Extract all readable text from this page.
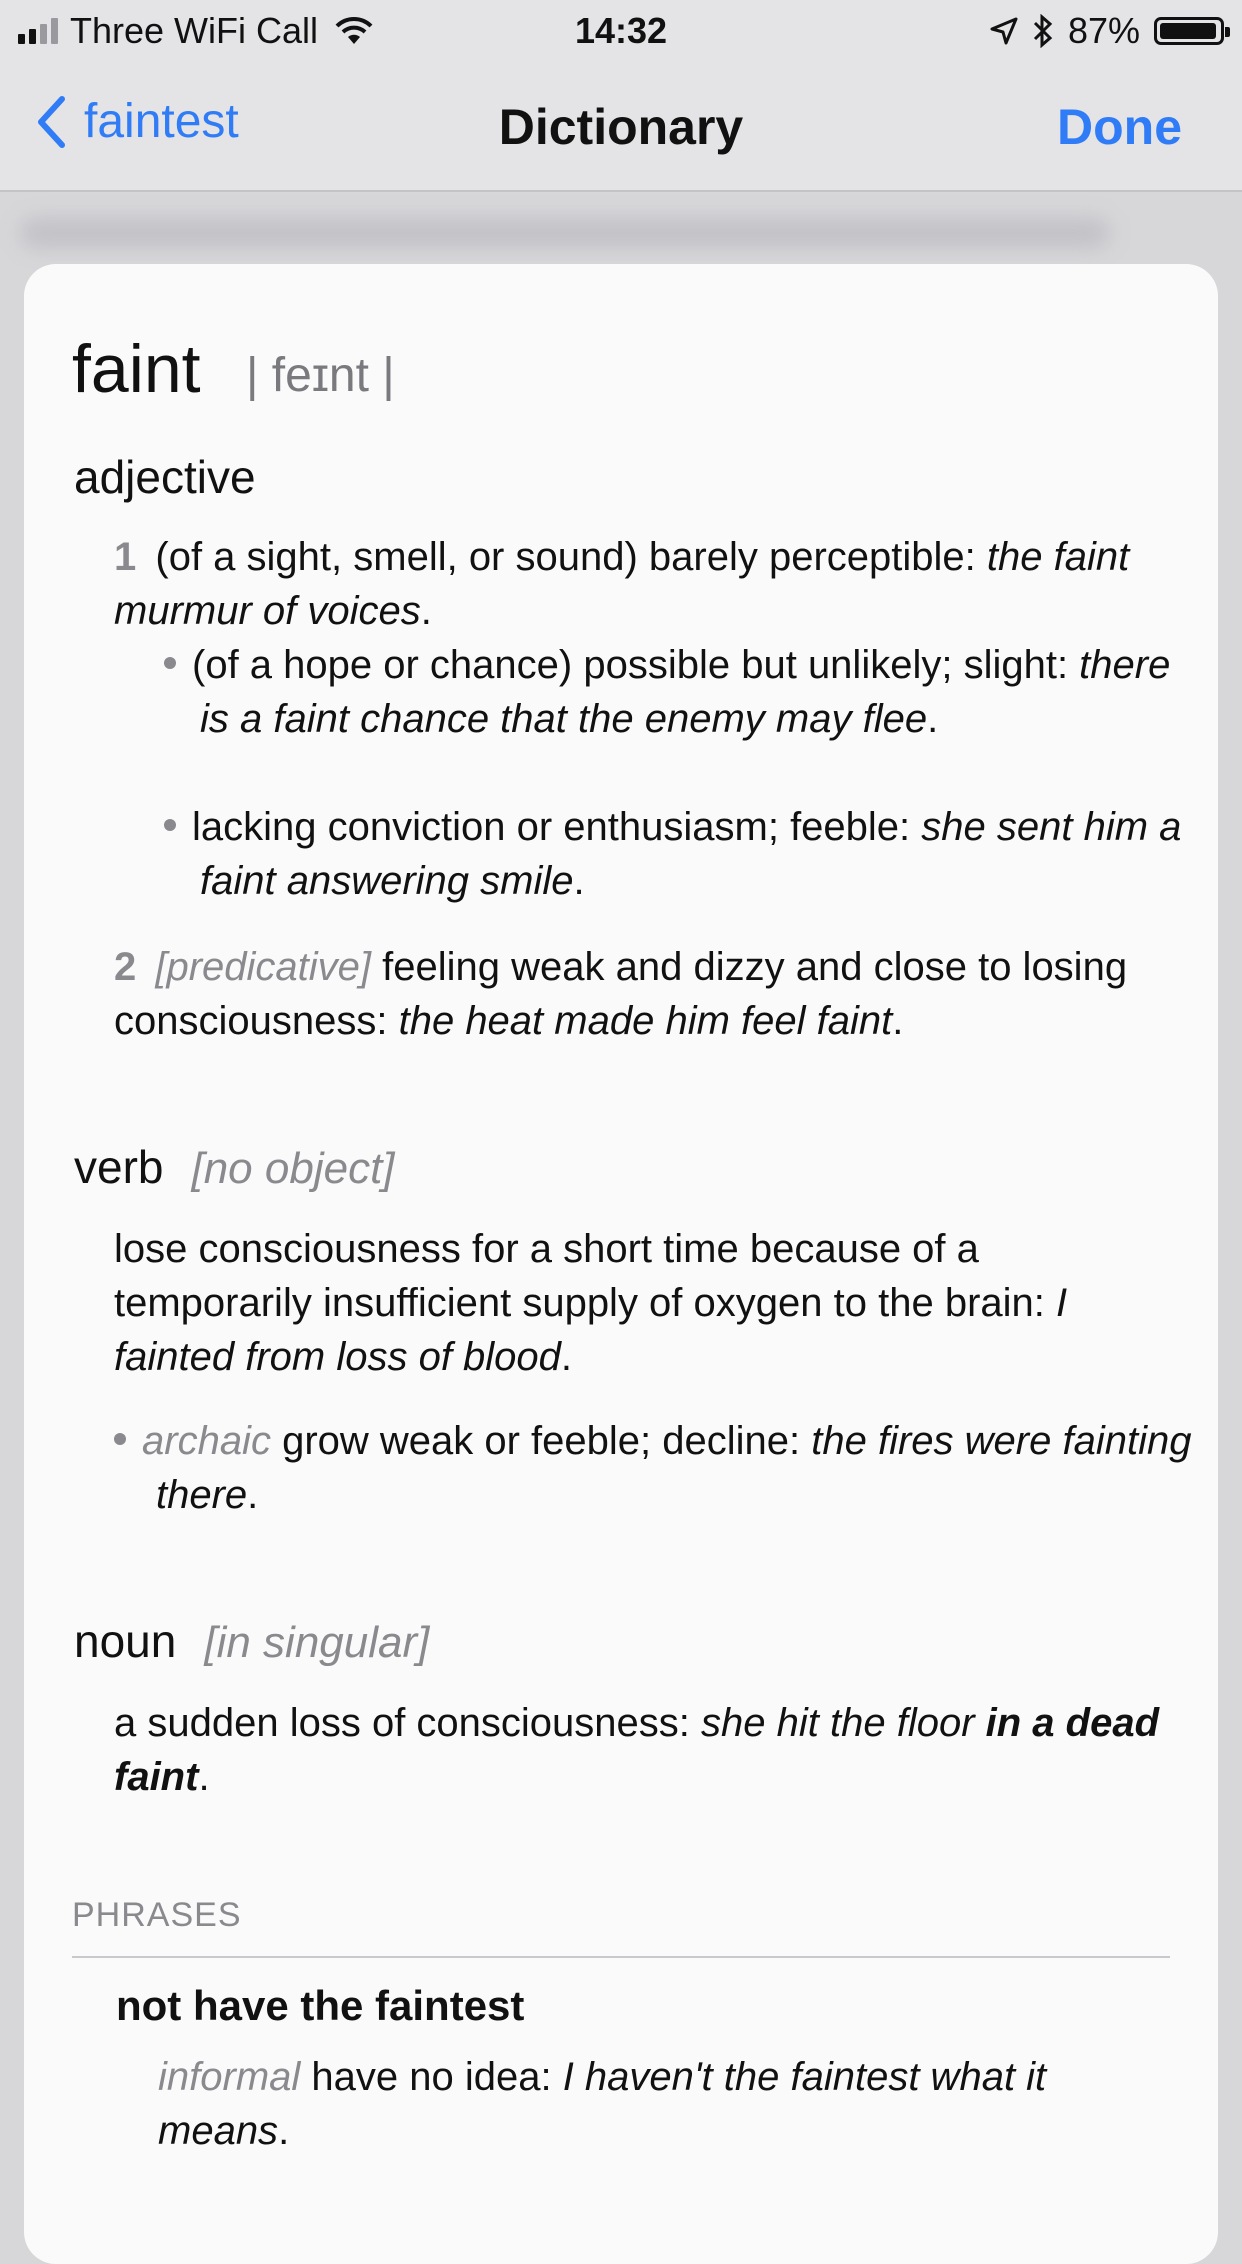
Three WiFi Call	14:32	87%
faintest	Dictionary	Done
faint | feɪnt |
adjective
1 (of a sight, smell, or sound) barely perceptible: the faint murmur of voices.
(of a hope or chance) possible but unlikely; slight: there is a faint chance that the enemy may flee.
lacking conviction or enthusiasm; feeble: she sent him a faint answering smile.
2 [predicative] feeling weak and dizzy and close to losing consciousness: the heat made him feel faint.
verb [no object]
lose consciousness for a short time because of a temporarily insufficient supply of oxygen to the brain: I fainted from loss of blood.
archaic grow weak or feeble; decline: the fires were fainting there.
noun [in singular]
a sudden loss of consciousness: she hit the floor in a dead faint.
PHRASES
not have the faintest
informal have no idea: I haven't the faintest what it means.
